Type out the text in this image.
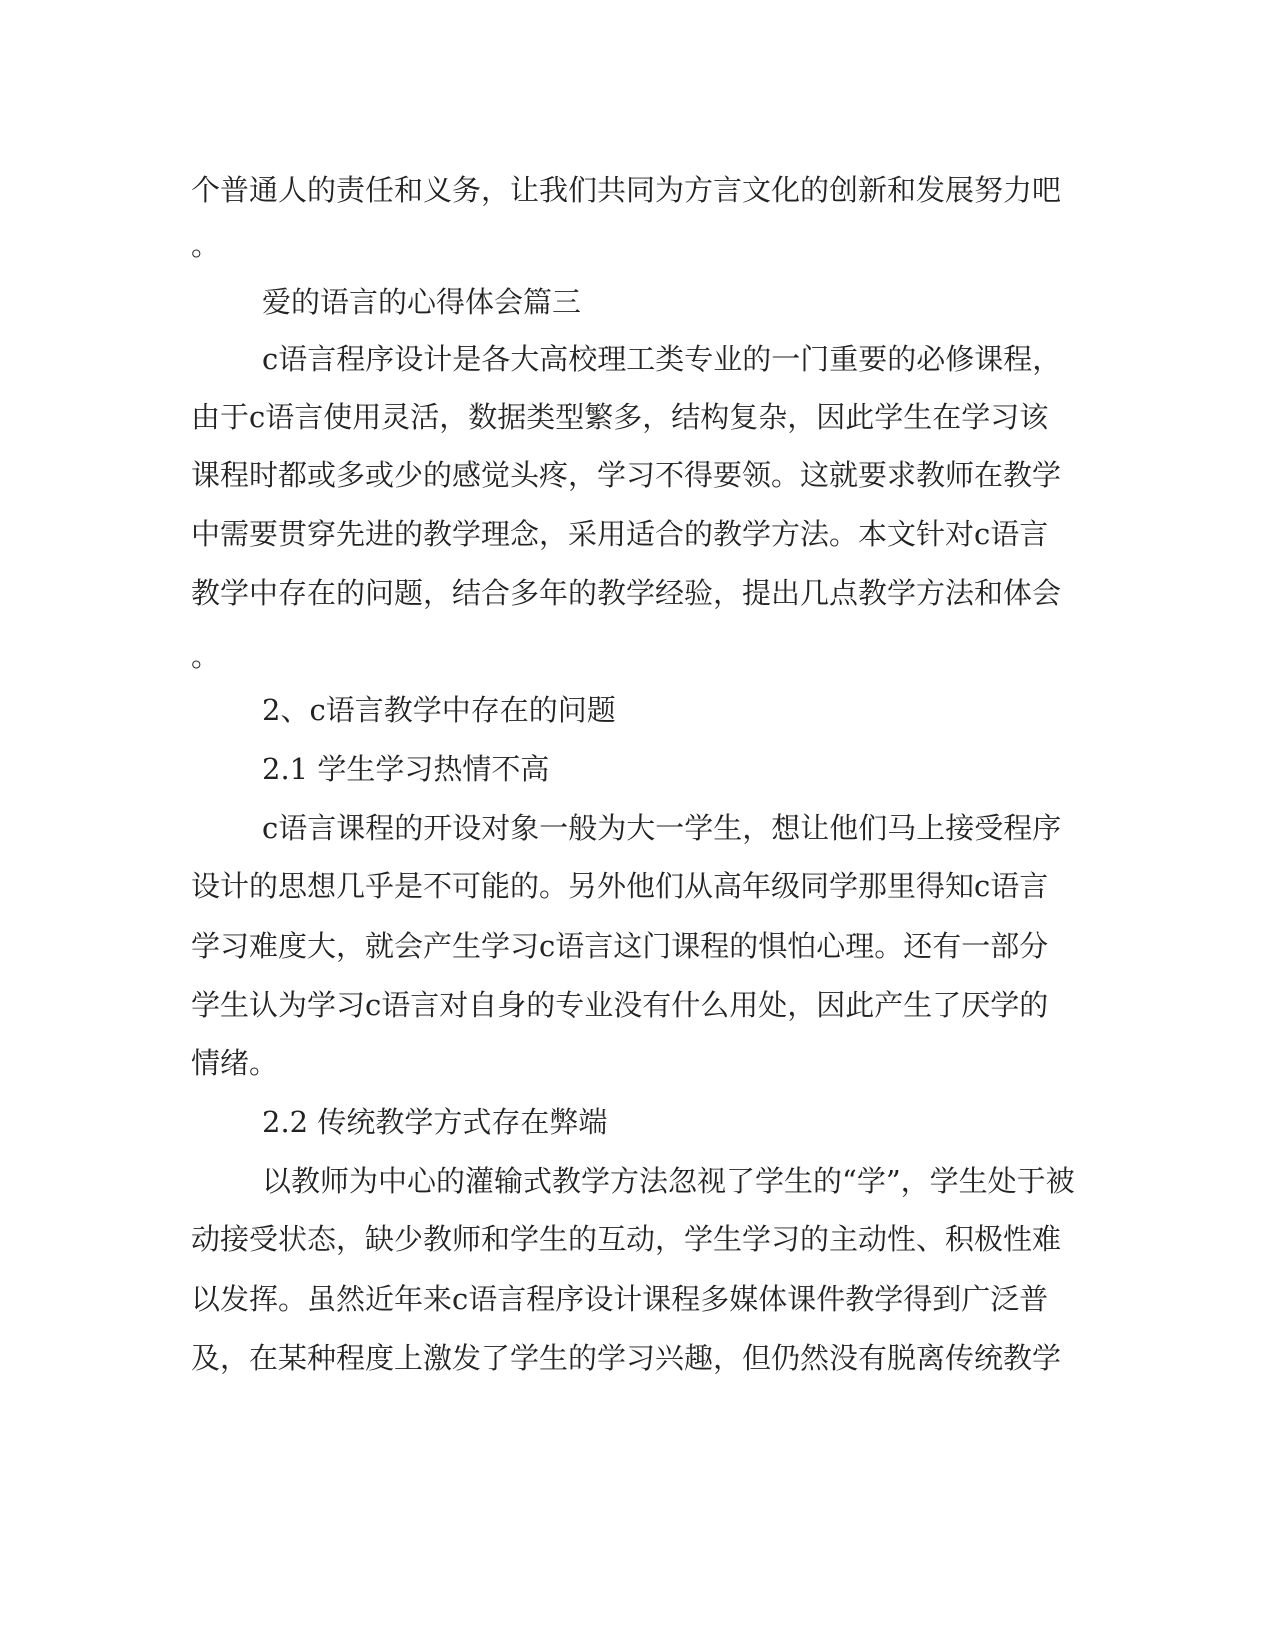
个普通人的责任和义务，让我们共同为方言文化的创新和发展努力吧

。

爱的语言的心得体会篇三

c语言程序设计是各大高校理工类专业的一门重要的必修课程，

由于c语言使用灵活，数据类型繁多，结构复杂，因此学生在学习该

课程时都或多或少的感觉头疼，学习不得要领。这就要求教师在教学

中需要贯穿先进的教学理念，采用适合的教学方法。本文针对c语言

教学中存在的问题，结合多年的教学经验，提出几点教学方法和体会

。

2、c语言教学中存在的问题

2.1 学生学习热情不高

c语言课程的开设对象一般为大一学生，想让他们马上接受程序

设计的思想几乎是不可能的。另外他们从高年级同学那里得知c语言

学习难度大，就会产生学习c语言这门课程的惧怕心理。还有一部分

学生认为学习c语言对自身的专业没有什么用处，因此产生了厌学的

情绪。

2.2 传统教学方式存在弊端

以教师为中心的灌输式教学方法忽视了学生的“学”，学生处于被

动接受状态，缺少教师和学生的互动，学生学习的主动性、积极性难

以发挥。虽然近年来c语言程序设计课程多媒体课件教学得到广泛普

及，在某种程度上激发了学生的学习兴趣，但仍然没有脱离传统教学
